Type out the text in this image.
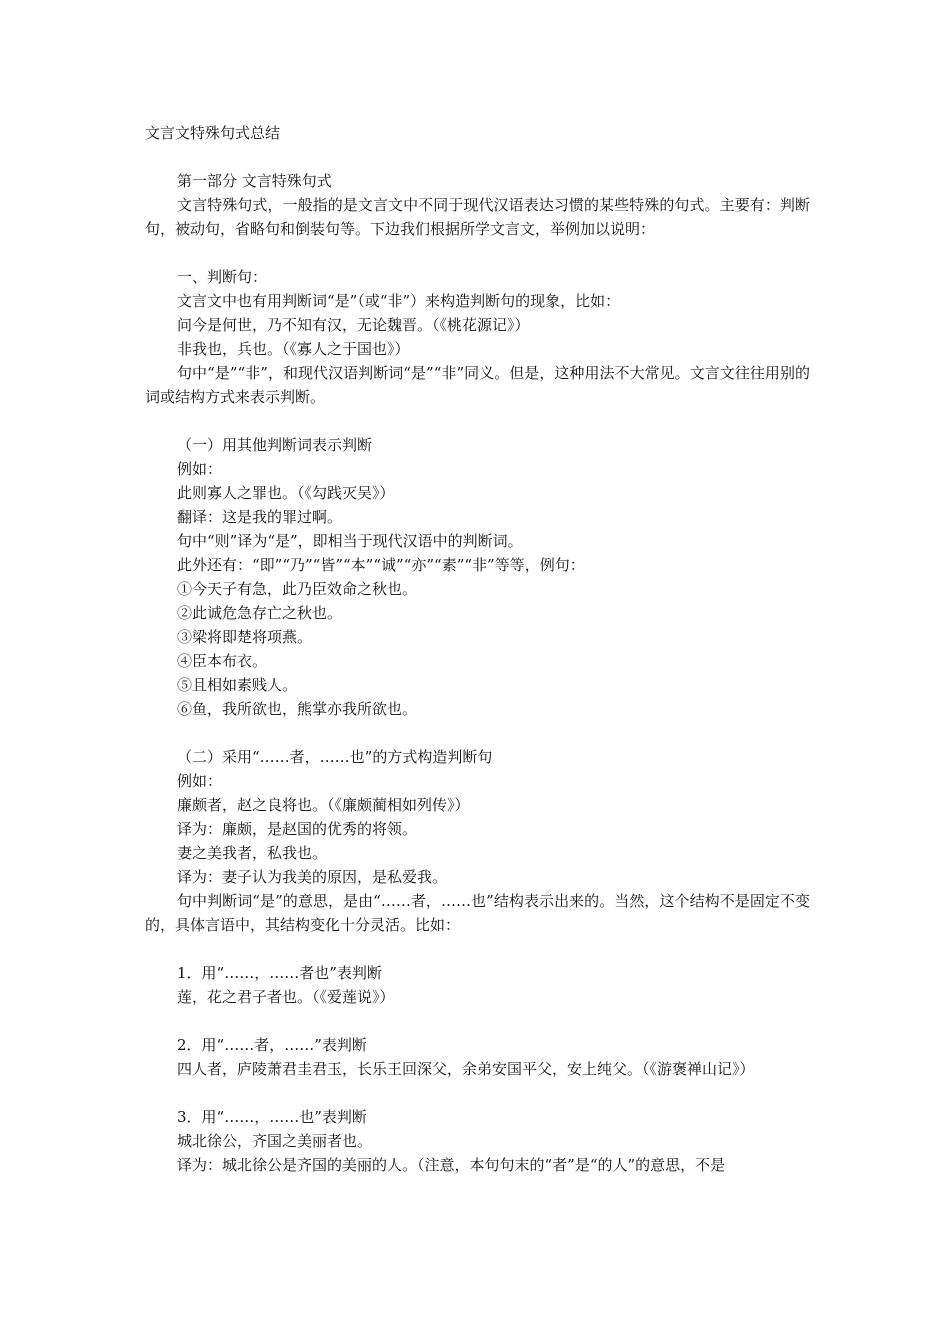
文言文特殊句式总结
第一部分 文言特殊句式
文言特殊句式，一般指的是文言文中不同于现代汉语表达习惯的某些特殊的句式。主要有：判断句，被动句，省略句和倒装句等。下边我们根据所学文言文，举例加以说明：
一、判断句：
文言文中也有用判断词“是”（或“非”）来构造判断句的现象，比如：
问今是何世，乃不知有汉，无论魏晋。（《桃花源记》）
非我也，兵也。（《寡人之于国也》）
句中“是”“非”，和现代汉语判断词“是”“非”同义。但是，这种用法不大常见。文言文往往用别的词或结构方式来表示判断。
（一）用其他判断词表示判断
例如：
此则寡人之罪也。（《勾践灭吴》）
翻译：这是我的罪过啊。
句中“则”译为“是”，即相当于现代汉语中的判断词。
此外还有：“即”“乃”“皆”“本”“诚”“亦”“素”“非”等等，例句：
①今天子有急，此乃臣效命之秋也。
②此诚危急存亡之秋也。
③梁将即楚将项燕。
④臣本布衣。
⑤且相如素贱人。
⑥鱼，我所欲也，熊掌亦我所欲也。
（二）采用“……者，……也”的方式构造判断句
例如：
廉颇者，赵之良将也。（《廉颇蔺相如列传》）
译为：廉颇，是赵国的优秀的将领。
妻之美我者，私我也。
译为：妻子认为我美的原因，是私爱我。
句中判断词“是”的意思，是由“……者，……也”结构表示出来的。当然，这个结构不是固定不变的，具体言语中，其结构变化十分灵活。比如：
1．用“……，……者也”表判断
莲，花之君子者也。（《爱莲说》）
2．用“……者，……”表判断
四人者，庐陵萧君圭君玉，长乐王回深父，余弟安国平父，安上纯父。（《游褒禅山记》）
3．用“……，……也”表判断
城北徐公，齐国之美丽者也。
译为：城北徐公是齐国的美丽的人。（注意，本句句末的“者”是“的人”的意思，不是
